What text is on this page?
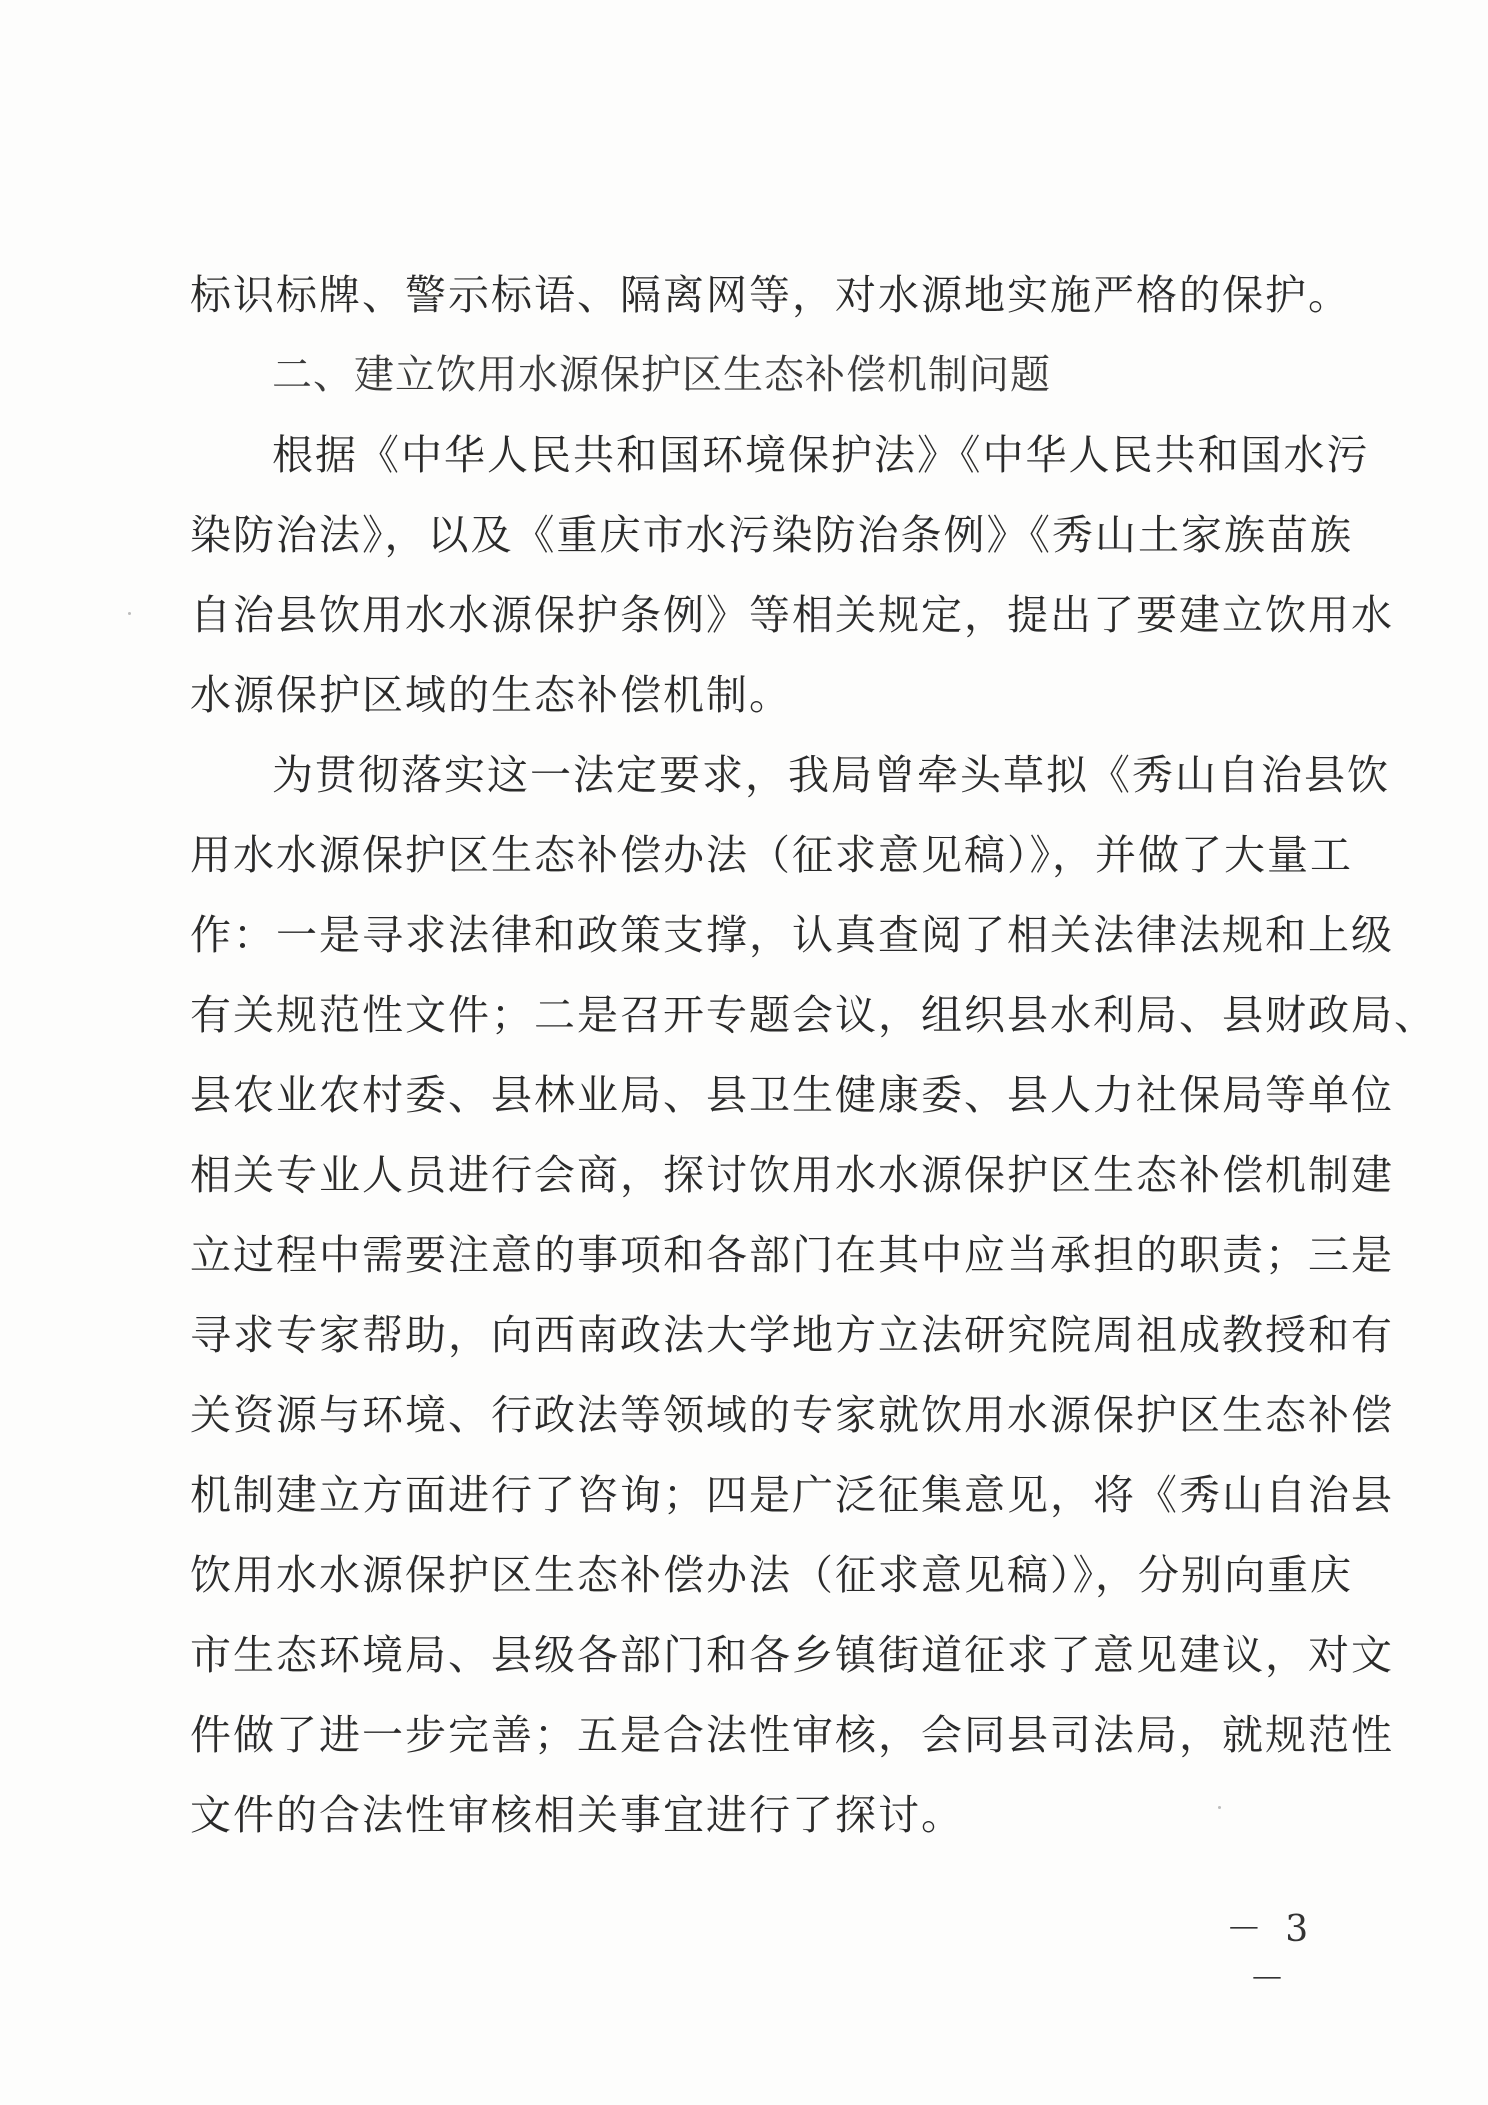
标识标牌、警示标语、隔离网等，对水源地实施严格的保护。
二、建立饮用水源保护区生态补偿机制问题
根据《中华人民共和国环境保护法》《中华人民共和国水污
染防治法》，以及《重庆市水污染防治条例》《秀山土家族苗族
自治县饮用水水源保护条例》等相关规定，提出了要建立饮用水
水源保护区域的生态补偿机制。
为贯彻落实这一法定要求，我局曾牵头草拟《秀山自治县饮
用水水源保护区生态补偿办法（征求意见稿）》，并做了大量工
作：一是寻求法律和政策支撑，认真查阅了相关法律法规和上级
有关规范性文件；二是召开专题会议，组织县水利局、县财政局、
县农业农村委、县林业局、县卫生健康委、县人力社保局等单位
相关专业人员进行会商，探讨饮用水水源保护区生态补偿机制建
立过程中需要注意的事项和各部门在其中应当承担的职责；三是
寻求专家帮助，向西南政法大学地方立法研究院周祖成教授和有
关资源与环境、行政法等领域的专家就饮用水源保护区生态补偿
机制建立方面进行了咨询；四是广泛征集意见，将《秀山自治县
饮用水水源保护区生态补偿办法（征求意见稿）》，分别向重庆
市生态环境局、县级各部门和各乡镇街道征求了意见建议，对文
件做了进一步完善；五是合法性审核，会同县司法局，就规范性
文件的合法性审核相关事宜进行了探讨。
－ 3 －
